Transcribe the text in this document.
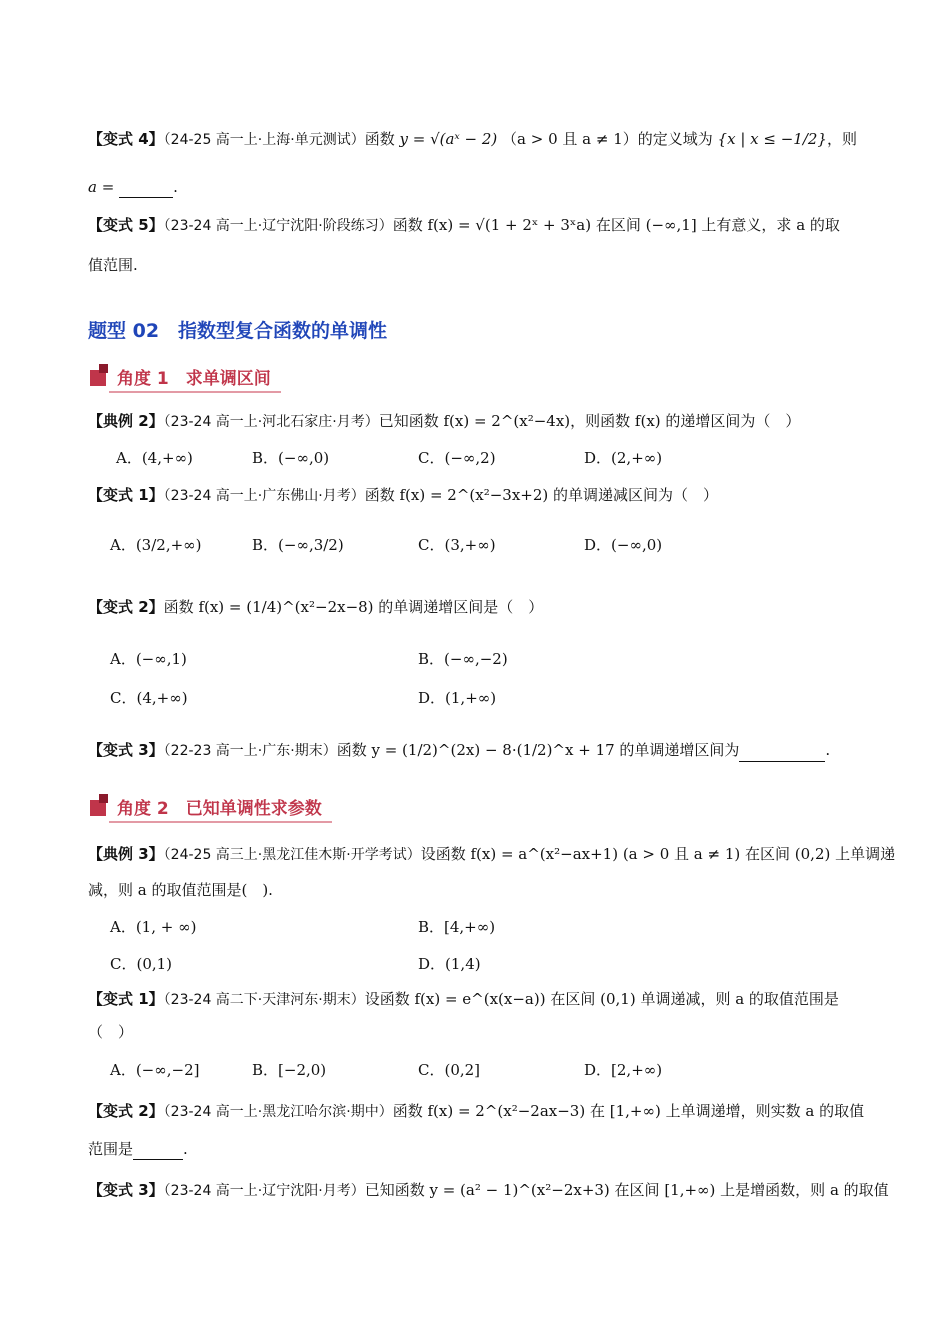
【变式 4】（24-25 高一上·上海·单元测试）函数 y = √(aˣ − 2) （a > 0 且 a ≠ 1）的定义域为 {x | x ≤ −1/2}，则
a =	.
【变式 5】（23-24 高一上·辽宁沈阳·阶段练习）函数 f(x) = √(1 + 2ˣ + 3ˣa) 在区间 (−∞,1] 上有意义，求 a 的取
值范围.
题型 02　指数型复合函数的单调性
角度 1　求单调区间
【典例 2】（23-24 高一上·河北石家庄·月考）已知函数 f(x) = 2^(x²−4x)，则函数 f(x) 的递增区间为（　）
A．(4,+∞)	B．(−∞,0)	C．(−∞,2)	D．(2,+∞)
【变式 1】（23-24 高一上·广东佛山·月考）函数 f(x) = 2^(x²−3x+2) 的单调递减区间为（　）
A．(3/2,+∞)	B．(−∞,3/2)	C．(3,+∞)	D．(−∞,0)
【变式 2】函数 f(x) = (1/4)^(x²−2x−8) 的单调递增区间是（　）
A．(−∞,1)	B．(−∞,−2)
C．(4,+∞)	D．(1,+∞)
【变式 3】（22-23 高一上·广东·期末）函数 y = (1/2)^(2x) − 8·(1/2)^x + 17 的单调递增区间为	.
角度 2　已知单调性求参数
【典例 3】（24-25 高三上·黑龙江佳木斯·开学考试）设函数 f(x) = a^(x²−ax+1) (a > 0 且 a ≠ 1) 在区间 (0,2) 上单调递
减，则 a 的取值范围是(　).
A．(1, + ∞)	B．[4,+∞)
C．(0,1)	D．(1,4)
【变式 1】（23-24 高二下·天津河东·期末）设函数 f(x) = e^(x(x−a)) 在区间 (0,1) 单调递减，则 a 的取值范围是
（　）
A．(−∞,−2]	B．[−2,0)	C．(0,2]	D．[2,+∞)
【变式 2】（23-24 高一上·黑龙江哈尔滨·期中）函数 f(x) = 2^(x²−2ax−3) 在 [1,+∞) 上单调递增，则实数 a 的取值
范围是	.
【变式 3】（23-24 高一上·辽宁沈阳·月考）已知函数 y = (a² − 1)^(x²−2x+3) 在区间 [1,+∞) 上是增函数，则 a 的取值
